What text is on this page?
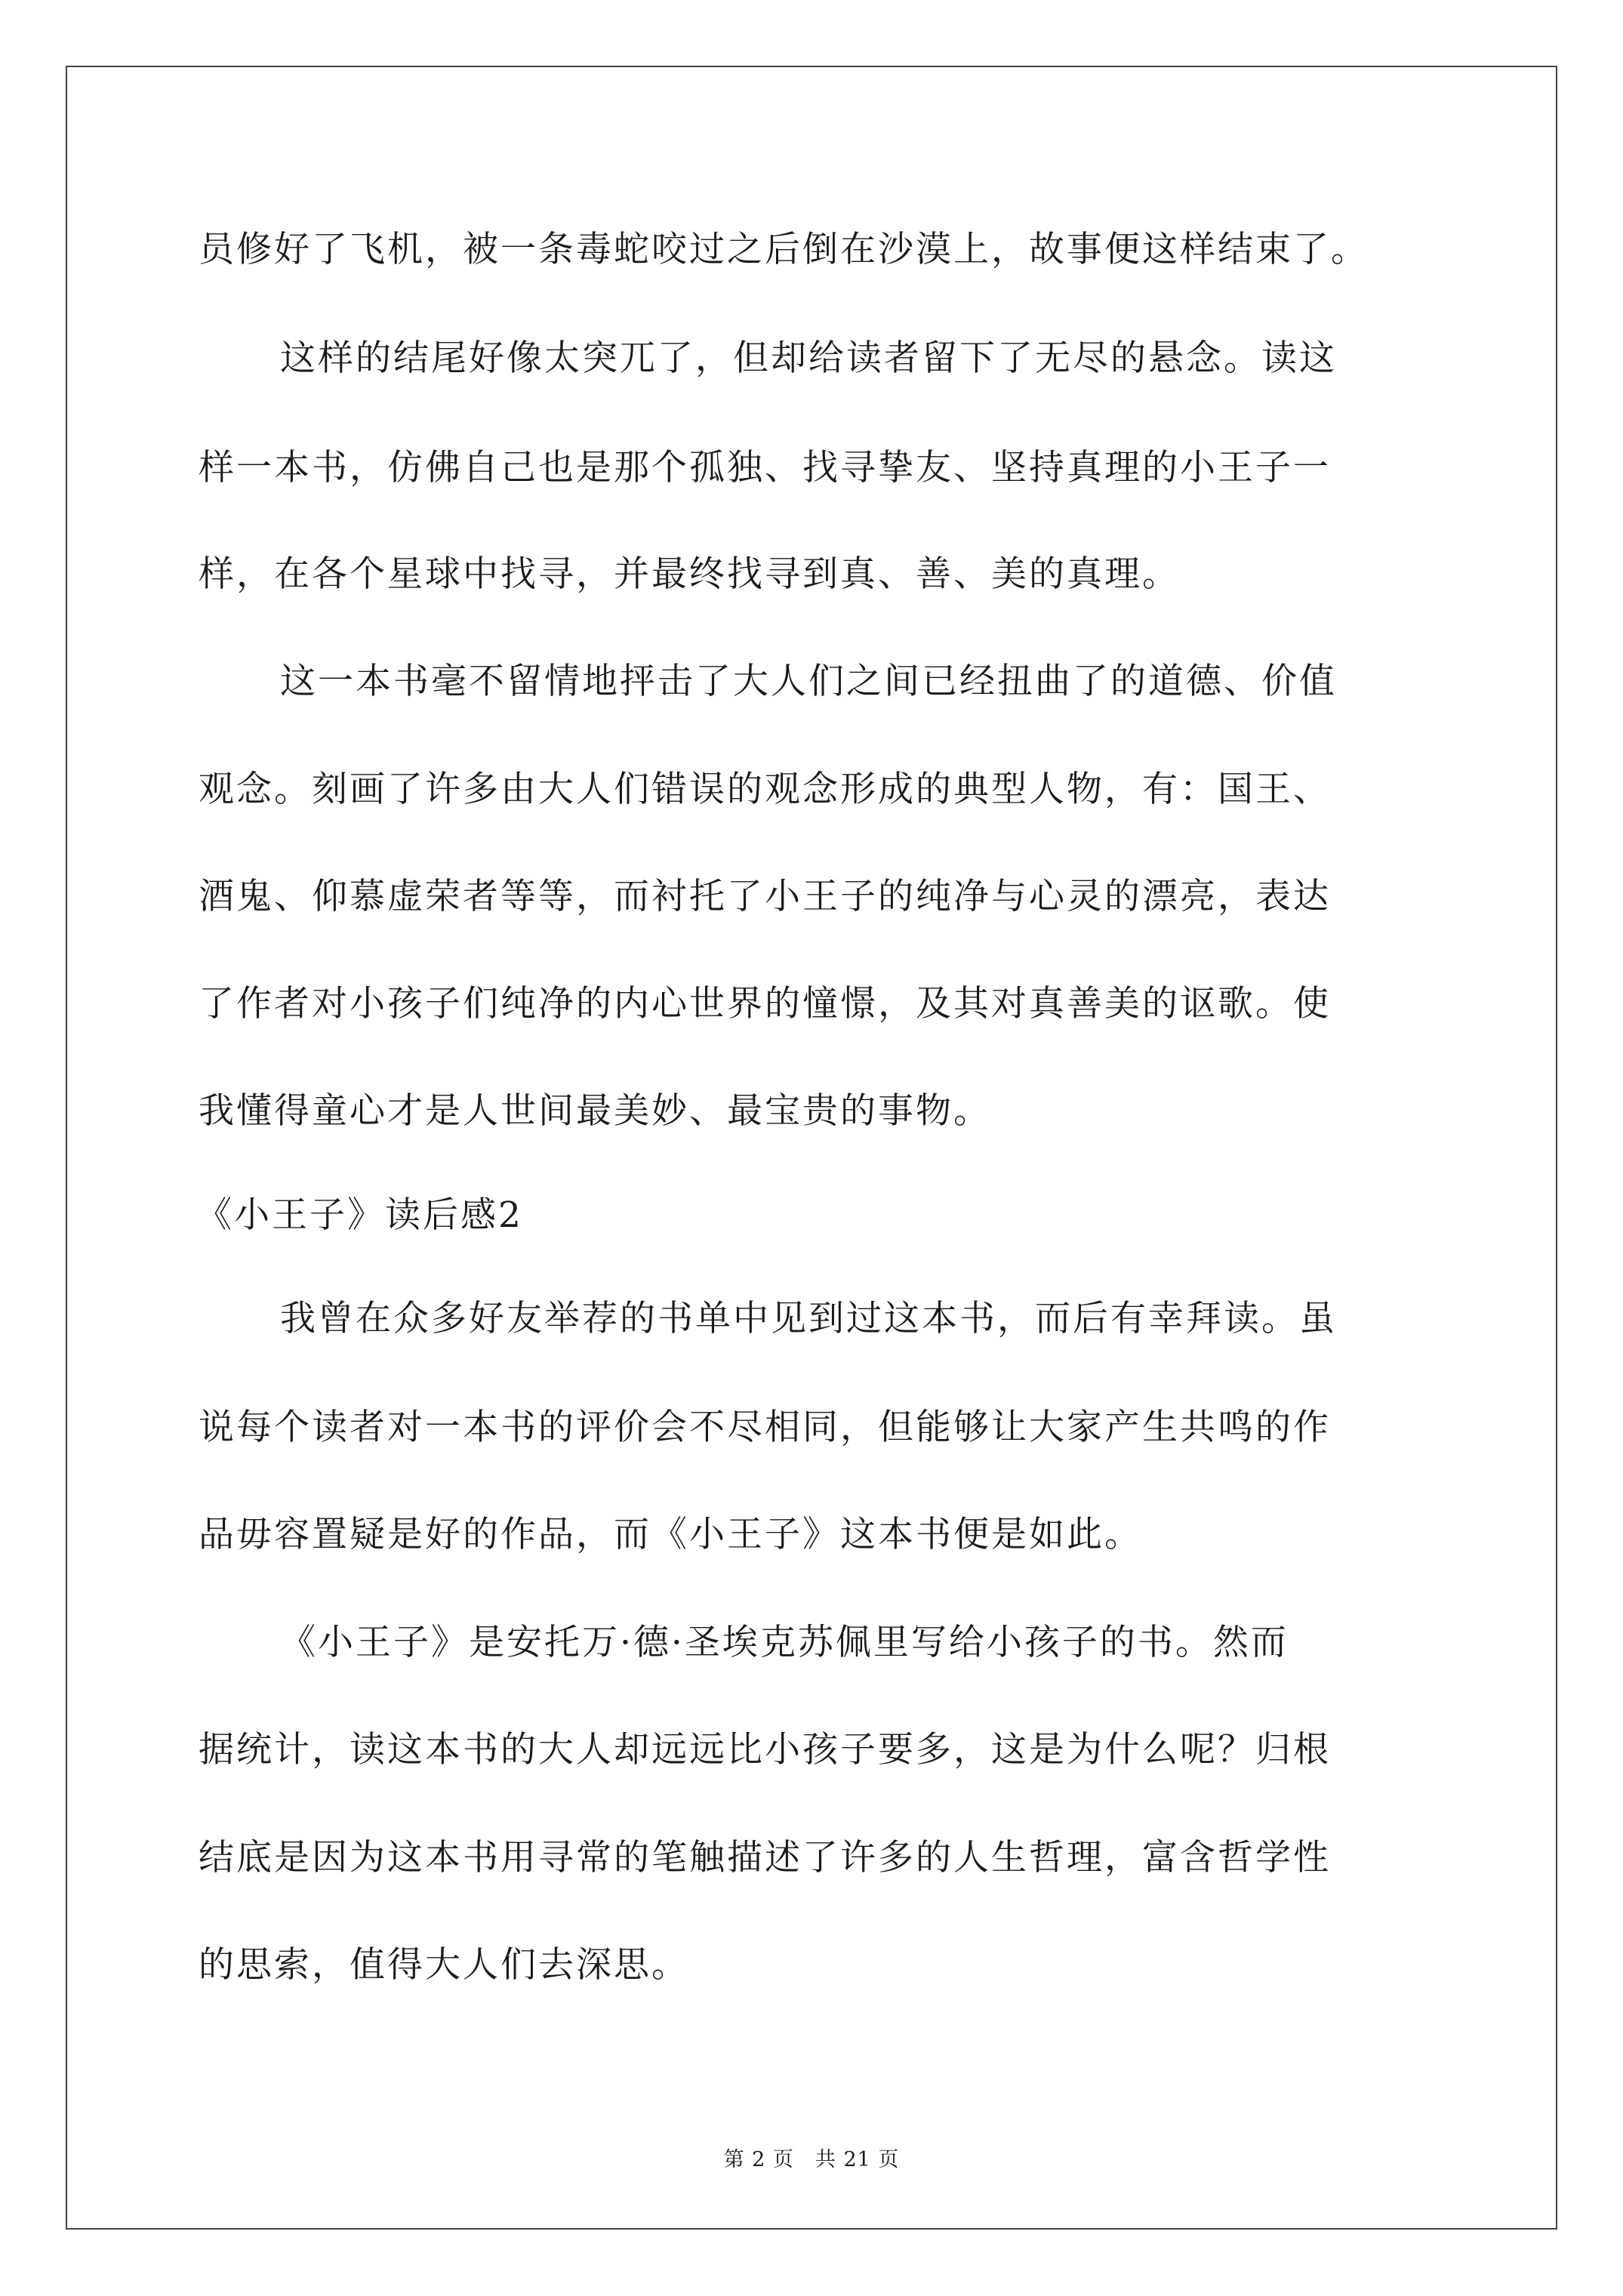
员修好了飞机，被一条毒蛇咬过之后倒在沙漠上，故事便这样结束了。
这样的结尾好像太突兀了，但却给读者留下了无尽的悬念。读这
样一本书，仿佛自己也是那个孤独、找寻挚友、坚持真理的小王子一
样，在各个星球中找寻，并最终找寻到真、善、美的真理。
这一本书毫不留情地抨击了大人们之间已经扭曲了的道德、价值
观念。刻画了许多由大人们错误的观念形成的典型人物，有：国王、
酒鬼、仰慕虚荣者等等，而衬托了小王子的纯净与心灵的漂亮，表达
了作者对小孩子们纯净的内心世界的憧憬，及其对真善美的讴歌。使
我懂得童心才是人世间最美妙、最宝贵的事物。
《小王子》读后感2
我曾在众多好友举荐的书单中见到过这本书，而后有幸拜读。虽
说每个读者对一本书的评价会不尽相同，但能够让大家产生共鸣的作
品毋容置疑是好的作品，而《小王子》这本书便是如此。
《小王子》是安托万·德·圣埃克苏佩里写给小孩子的书。然而
据统计，读这本书的大人却远远比小孩子要多，这是为什么呢？归根
结底是因为这本书用寻常的笔触描述了许多的人生哲理，富含哲学性
的思索，值得大人们去深思。
第 2 页　共 21 页
